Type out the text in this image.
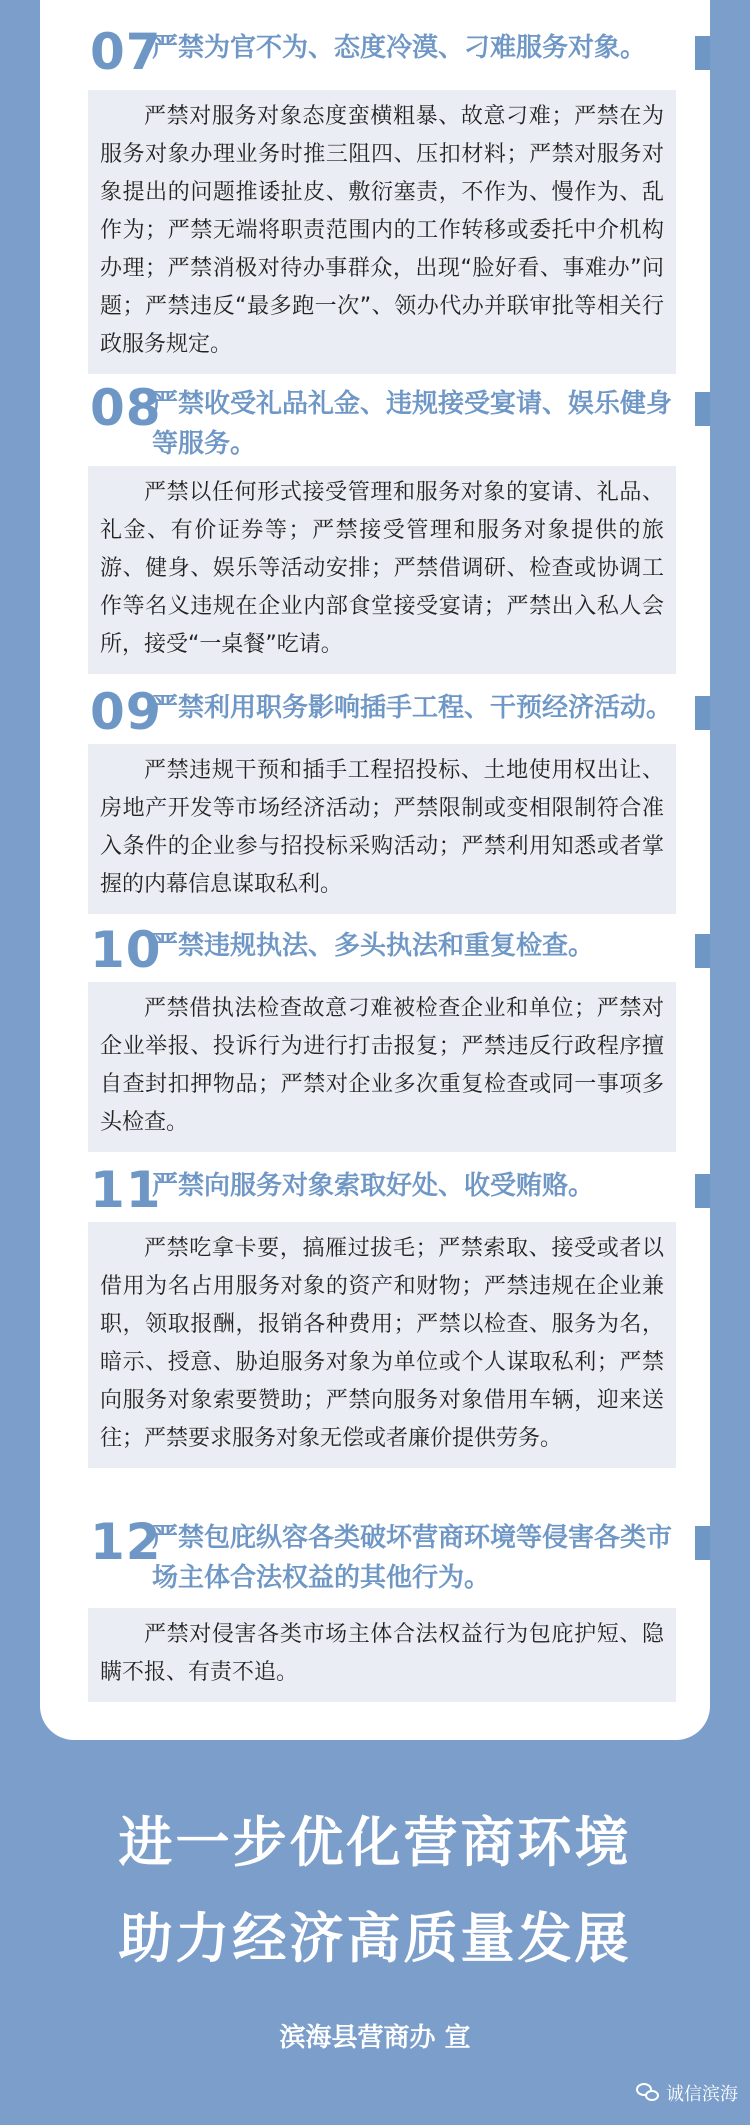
07
严禁为官不为、态度冷漠、刁难服务对象。
严禁对服务对象态度蛮横粗暴、故意刁难；严禁在为服务对象办理业务时推三阻四、压扣材料；严禁对服务对象提出的问题推诿扯皮、敷衍塞责，不作为、慢作为、乱作为；严禁无端将职责范围内的工作转移或委托中介机构办理；严禁消极对待办事群众，出现“脸好看、事难办”问题；严禁违反“最多跑一次”、领办代办并联审批等相关行政服务规定。
08
严禁收受礼品礼金、违规接受宴请、娱乐健身等服务。
严禁以任何形式接受管理和服务对象的宴请、礼品、礼金、有价证券等；严禁接受管理和服务对象提供的旅游、健身、娱乐等活动安排；严禁借调研、检查或协调工作等名义违规在企业内部食堂接受宴请；严禁出入私人会所，接受“一桌餐”吃请。
09
严禁利用职务影响插手工程、干预经济活动。
严禁违规干预和插手工程招投标、土地使用权出让、房地产开发等市场经济活动；严禁限制或变相限制符合准入条件的企业参与招投标采购活动；严禁利用知悉或者掌握的内幕信息谋取私利。
10
严禁违规执法、多头执法和重复检查。
严禁借执法检查故意刁难被检查企业和单位；严禁对企业举报、投诉行为进行打击报复；严禁违反行政程序擅自查封扣押物品；严禁对企业多次重复检查或同一事项多头检查。
11
严禁向服务对象索取好处、收受贿赂。
严禁吃拿卡要，搞雁过拔毛；严禁索取、接受或者以借用为名占用服务对象的资产和财物；严禁违规在企业兼职，领取报酬，报销各种费用；严禁以检查、服务为名，暗示、授意、胁迫服务对象为单位或个人谋取私利；严禁向服务对象索要赞助；严禁向服务对象借用车辆，迎来送往；严禁要求服务对象无偿或者廉价提供劳务。
12
严禁包庇纵容各类破坏营商环境等侵害各类市场主体合法权益的其他行为。
严禁对侵害各类市场主体合法权益行为包庇护短、隐瞒不报、有责不追。
进一步优化营商环境
助力经济高质量发展
滨海县营商办 宣
诚信滨海
